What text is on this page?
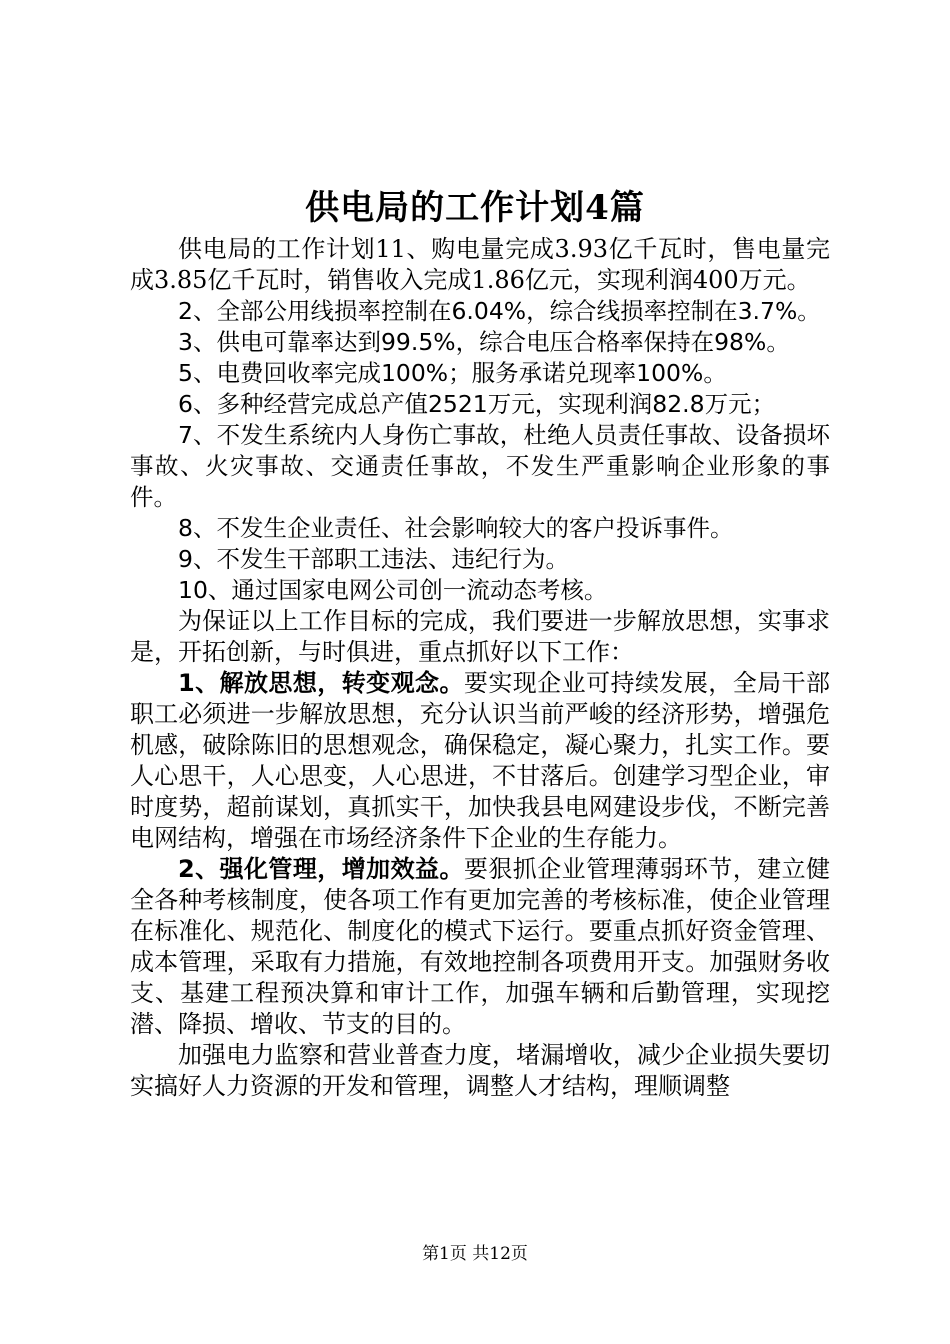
供电局的工作计划4篇

供电局的工作计划11、购电量完成3.93亿千瓦时，售电量完成3.85亿千瓦时，销售收入完成1.86亿元，实现利润400万元。

2、全部公用线损率控制在6.04%，综合线损率控制在3.7%。

3、供电可靠率达到99.5%，综合电压合格率保持在98%。

5、电费回收率完成100%；服务承诺兑现率100%。

6、多种经营完成总产值2521万元，实现利润82.8万元；

7、不发生系统内人身伤亡事故，杜绝人员责任事故、设备损坏事故、火灾事故、交通责任事故，不发生严重影响企业形象的事件。

8、不发生企业责任、社会影响较大的客户投诉事件。

9、不发生干部职工违法、违纪行为。

10、通过国家电网公司创一流动态考核。

为保证以上工作目标的完成，我们要进一步解放思想，实事求是，开拓创新，与时俱进，重点抓好以下工作：

1、解放思想，转变观念。要实现企业可持续发展，全局干部职工必须进一步解放思想，充分认识当前严峻的经济形势，增强危机感，破除陈旧的思想观念，确保稳定，凝心聚力，扎实工作。要人心思干，人心思变，人心思进，不甘落后。创建学习型企业，审时度势，超前谋划，真抓实干，加快我县电网建设步伐，不断完善电网结构，增强在市场经济条件下企业的生存能力。

2、强化管理，增加效益。要狠抓企业管理薄弱环节，建立健全各种考核制度，使各项工作有更加完善的考核标准，使企业管理在标准化、规范化、制度化的模式下运行。要重点抓好资金管理、成本管理，采取有力措施，有效地控制各项费用开支。加强财务收支、基建工程预决算和审计工作，加强车辆和后勤管理，实现挖潜、降损、增收、节支的目的。

加强电力监察和营业普查力度，堵漏增收，减少企业损失要切实搞好人力资源的开发和管理，调整人才结构，理顺调整

第1页 共12页
